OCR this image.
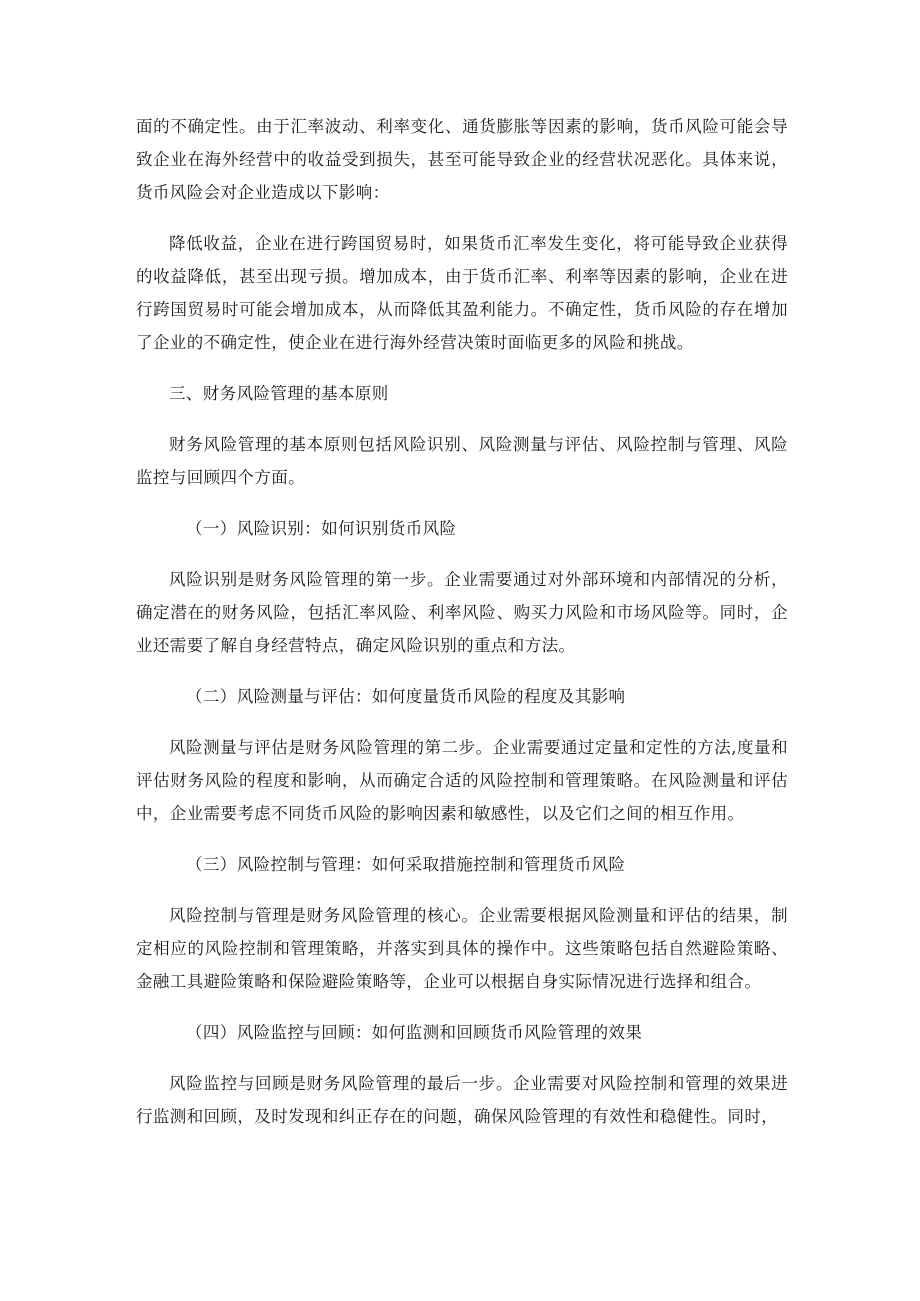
面的不确定性。由于汇率波动、利率变化、通货膨胀等因素的影响，货币风险可能会导致企业在海外经营中的收益受到损失，甚至可能导致企业的经营状况恶化。具体来说，货币风险会对企业造成以下影响：

降低收益，企业在进行跨国贸易时，如果货币汇率发生变化，将可能导致企业获得的收益降低，甚至出现亏损。增加成本，由于货币汇率、利率等因素的影响，企业在进行跨国贸易时可能会增加成本，从而降低其盈利能力。不确定性，货币风险的存在增加了企业的不确定性，使企业在进行海外经营决策时面临更多的风险和挑战。

三、财务风险管理的基本原则

财务风险管理的基本原则包括风险识别、风险测量与评估、风险控制与管理、风险监控与回顾四个方面。

（一）风险识别：如何识别货币风险

风险识别是财务风险管理的第一步。企业需要通过对外部环境和内部情况的分析，确定潜在的财务风险，包括汇率风险、利率风险、购买力风险和市场风险等。同时，企业还需要了解自身经营特点，确定风险识别的重点和方法。

（二）风险测量与评估：如何度量货币风险的程度及其影响

风险测量与评估是财务风险管理的第二步。企业需要通过定量和定性的方法,度量和评估财务风险的程度和影响，从而确定合适的风险控制和管理策略。在风险测量和评估中，企业需要考虑不同货币风险的影响因素和敏感性，以及它们之间的相互作用。

（三）风险控制与管理：如何采取措施控制和管理货币风险

风险控制与管理是财务风险管理的核心。企业需要根据风险测量和评估的结果，制定相应的风险控制和管理策略，并落实到具体的操作中。这些策略包括自然避险策略、金融工具避险策略和保险避险策略等，企业可以根据自身实际情况进行选择和组合。

（四）风险监控与回顾：如何监测和回顾货币风险管理的效果

风险监控与回顾是财务风险管理的最后一步。企业需要对风险控制和管理的效果进行监测和回顾，及时发现和纠正存在的问题，确保风险管理的有效性和稳健性。同时，
